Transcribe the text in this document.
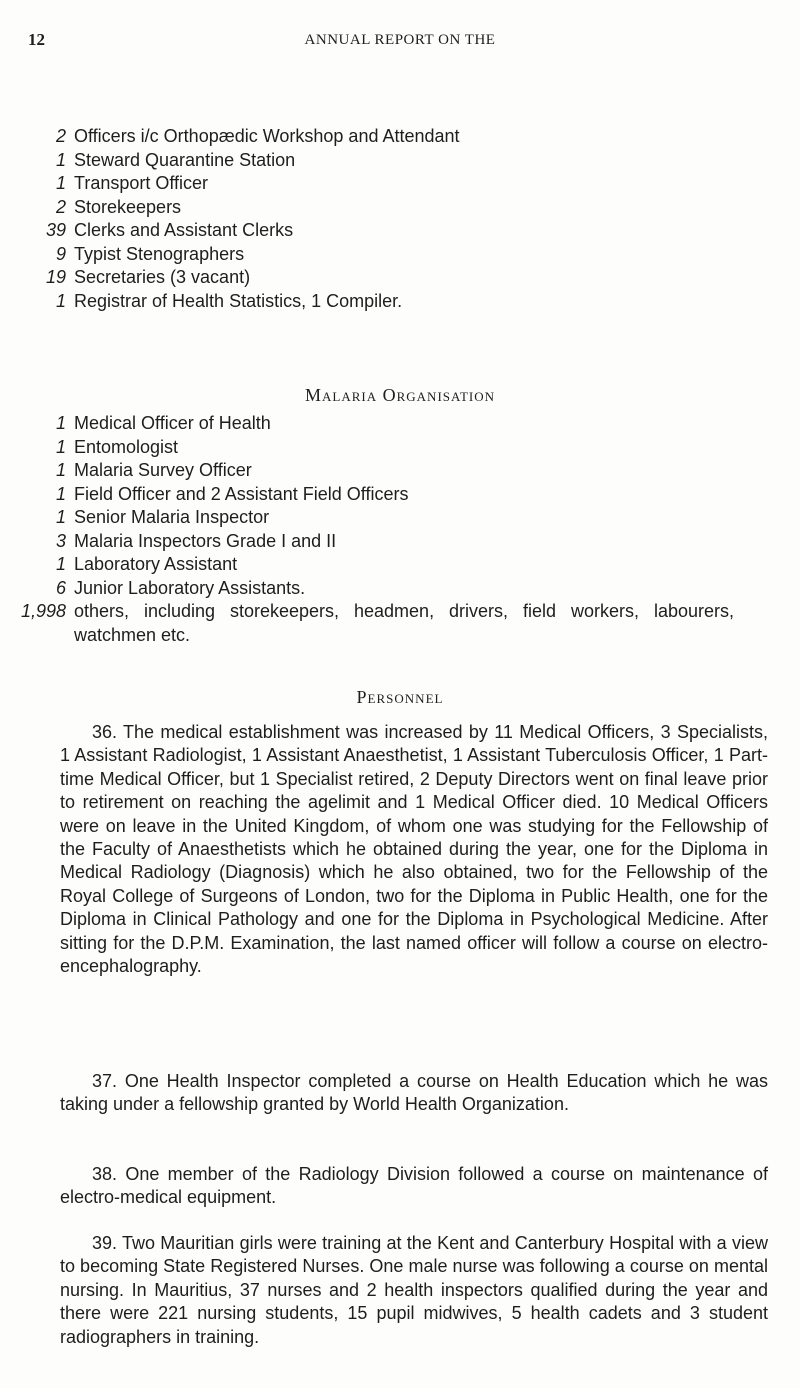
12	ANNUAL REPORT ON THE
2 Officers i/c Orthopædic Workshop and Attendant
1 Steward Quarantine Station
1 Transport Officer
2 Storekeepers
39 Clerks and Assistant Clerks
9 Typist Stenographers
19 Secretaries (3 vacant)
1 Registrar of Health Statistics, 1 Compiler.
Malaria Organisation
1 Medical Officer of Health
1 Entomologist
1 Malaria Survey Officer
1 Field Officer and 2 Assistant Field Officers
1 Senior Malaria Inspector
3 Malaria Inspectors Grade I and II
1 Laboratory Assistant
6 Junior Laboratory Assistants.
1,998 others, including storekeepers, headmen, drivers, field workers, labourers, watchmen etc.
Personnel

36. The medical establishment was increased by 11 Medical Officers, 3 Specialists, 1 Assistant Radiologist, 1 Assistant Anaesthetist, 1 Assistant Tuberculosis Officer, 1 Part-time Medical Officer, but 1 Specialist retired, 2 Deputy Directors went on final leave prior to retirement on reaching the agelimit and 1 Medical Officer died. 10 Medical Officers were on leave in the United Kingdom, of whom one was studying for the Fellowship of the Faculty of Anaesthetists which he obtained during the year, one for the Diploma in Medical Radiology (Diagnosis) which he also obtained, two for the Fellowship of the Royal College of Surgeons of London, two for the Diploma in Public Health, one for the Diploma in Clinical Pathology and one for the Diploma in Psychological Medicine. After sitting for the D.P.M. Examination, the last named officer will follow a course on electro-encephalography.

37. One Health Inspector completed a course on Health Education which he was taking under a fellowship granted by World Health Organization.

38. One member of the Radiology Division followed a course on maintenance of electro-medical equipment.

39. Two Mauritian girls were training at the Kent and Canterbury Hospital with a view to becoming State Registered Nurses. One male nurse was following a course on mental nursing. In Mauritius, 37 nurses and 2 health inspectors qualified during the year and there were 221 nursing students, 15 pupil midwives, 5 health cadets and 3 student radiographers in training.
